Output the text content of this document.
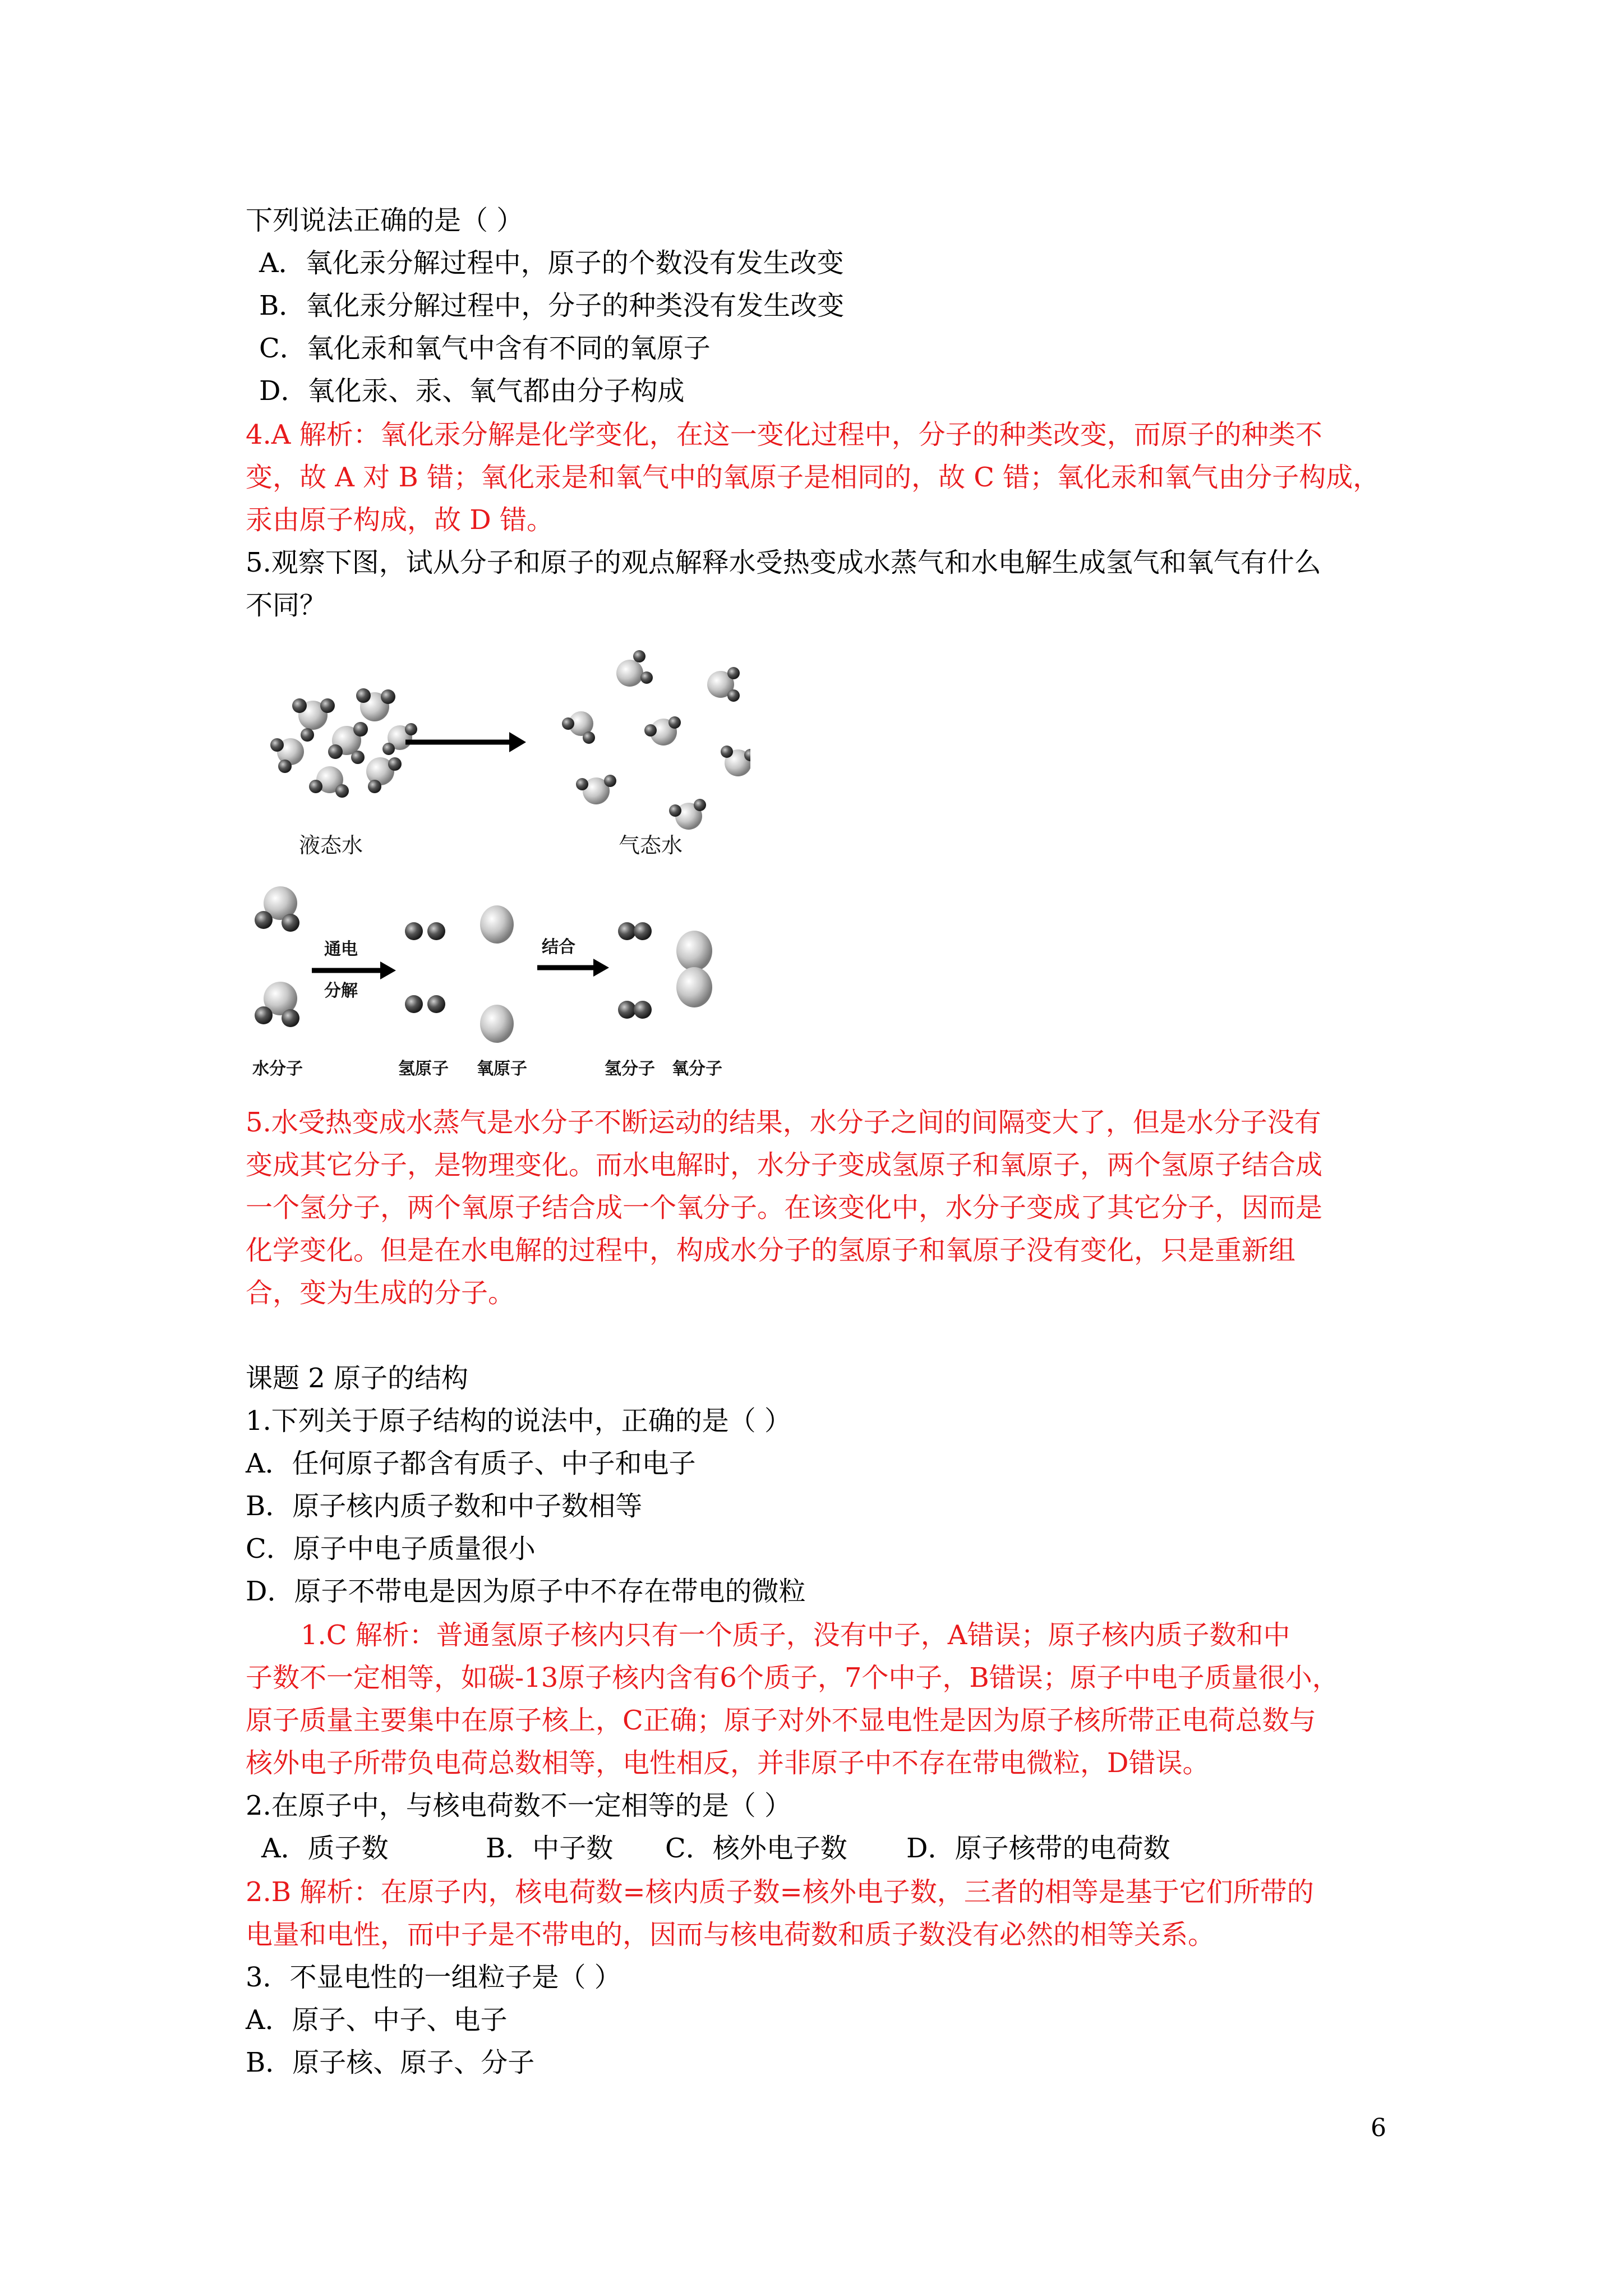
下列说法正确的是（ ）
A．氧化汞分解过程中，原子的个数没有发生改变
B．氧化汞分解过程中，分子的种类没有发生改变
C．氧化汞和氧气中含有不同的氧原子
D．氧化汞、汞、氧气都由分子构成
4.A 解析：氧化汞分解是化学变化，在这一变化过程中，分子的种类改变，而原子的种类不
变，故 A 对 B 错；氧化汞是和氧气中的氧原子是相同的，故 C 错；氧化汞和氧气由分子构成，
汞由原子构成，故 D 错。
5.观察下图，试从分子和原子的观点解释水受热变成水蒸气和水电解生成氢气和氧气有什么
不同？
液态水	气态水
通电
分解
结合
水分子	氢原子 氧原子	氢分子 氧分子
5.水受热变成水蒸气是水分子不断运动的结果，水分子之间的间隔变大了，但是水分子没有
变成其它分子，是物理变化。而水电解时，水分子变成氢原子和氧原子，两个氢原子结合成
一个氢分子，两个氧原子结合成一个氧分子。在该变化中，水分子变成了其它分子，因而是
化学变化。但是在水电解的过程中，构成水分子的氢原子和氧原子没有变化，只是重新组
合，变为生成的分子。
课题 2 原子的结构
1.下列关于原子结构的说法中，正确的是（ ）
A．任何原子都含有质子、中子和电子
B．原子核内质子数和中子数相等
C．原子中电子质量很小
D．原子不带电是因为原子中不存在带电的微粒
1.C 解析：普通氢原子核内只有一个质子，没有中子，A错误；原子核内质子数和中
子数不一定相等，如碳-13原子核内含有6个质子，7个中子，B错误；原子中电子质量很小，
原子质量主要集中在原子核上，C正确；原子对外不显电性是因为原子核所带正电荷总数与
核外电子所带负电荷总数相等，电性相反，并非原子中不存在带电微粒，D错误。
2.在原子中，与核电荷数不一定相等的是（ ）
A．质子数	B．中子数 C．核外电子数 D．原子核带的电荷数
2.B 解析：在原子内，核电荷数=核内质子数=核外电子数，三者的相等是基于它们所带的
电量和电性，而中子是不带电的，因而与核电荷数和质子数没有必然的相等关系。
3．不显电性的一组粒子是（ ）
A．原子、中子、电子
B．原子核、原子、分子
6
